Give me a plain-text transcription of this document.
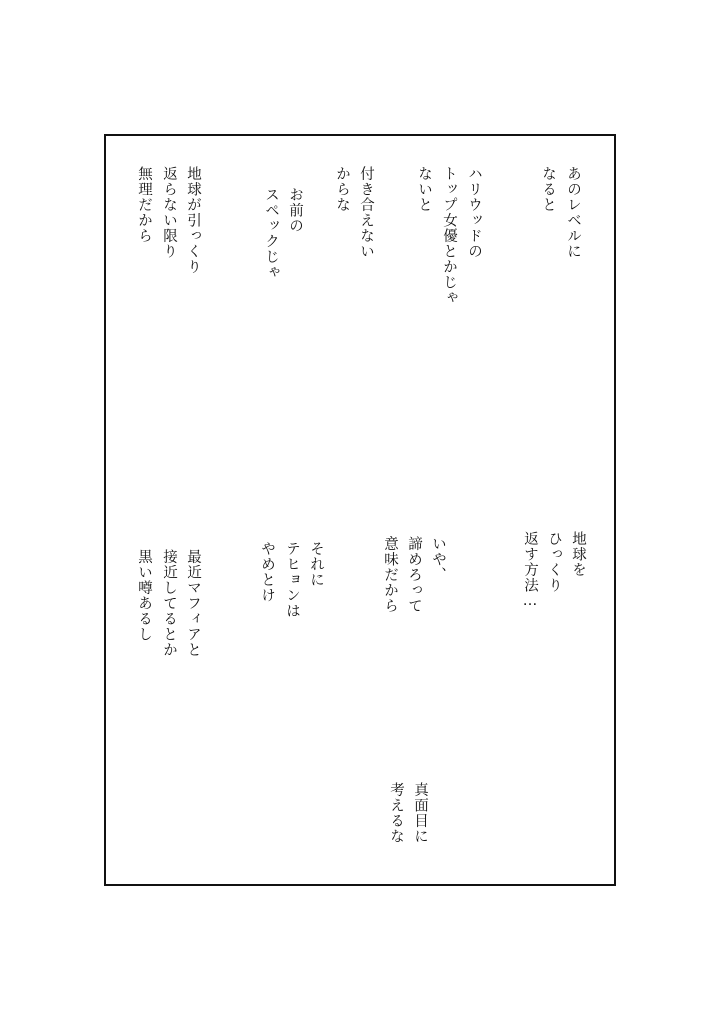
あのレベルに
なると
ハリウッドの
トップ女優とかじゃ
ないと
付き合えない
からな
お前の
スペックじゃ
地球が引っくり
返らない限り
無理だから
地球を
ひっくり
返す方法…
いや、
諦めろって
意味だから
それに
テヒョンは
やめとけ
最近マフィアと
接近してるとか
黒い噂あるし
真面目に
考えるな
